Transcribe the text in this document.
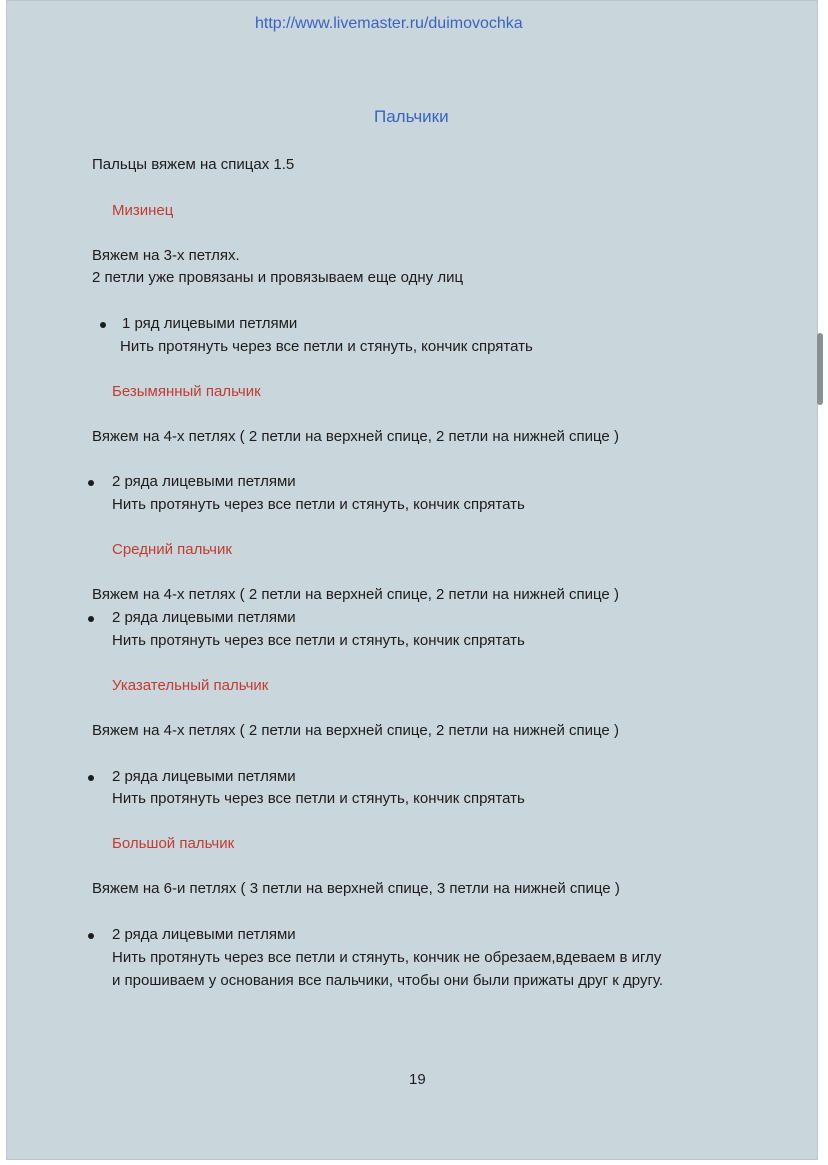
http://www.livemaster.ru/duimovochka
Пальчики
Пальцы вяжем на спицах 1.5
Мизинец
Вяжем на 3-х петлях.
2 петли уже провязаны и провязываем еще одну лиц
1 ряд лицевыми петлями
Нить протянуть через все петли и стянуть, кончик спрятать
Безымянный пальчик
Вяжем на 4-х петлях ( 2 петли на верхней спице, 2 петли на нижней спице )
2 ряда лицевыми петлями
Нить протянуть через все петли и стянуть, кончик спрятать
Средний пальчик
Вяжем на 4-х петлях ( 2 петли на верхней спице, 2 петли на нижней спице )
2 ряда лицевыми петлями
Нить протянуть через все петли и стянуть, кончик спрятать
Указательный пальчик
Вяжем на 4-х петлях ( 2 петли на верхней спице, 2 петли на нижней спице )
2 ряда лицевыми петлями
Нить протянуть через все петли и стянуть, кончик спрятать
Большой пальчик
Вяжем на 6-и петлях ( 3 петли на верхней спице, 3 петли на нижней спице )
2 ряда лицевыми петлями
Нить протянуть через все петли и стянуть, кончик не обрезаем,вдеваем в иглу
и прошиваем у основания все пальчики, чтобы они были прижаты друг к другу.
19
